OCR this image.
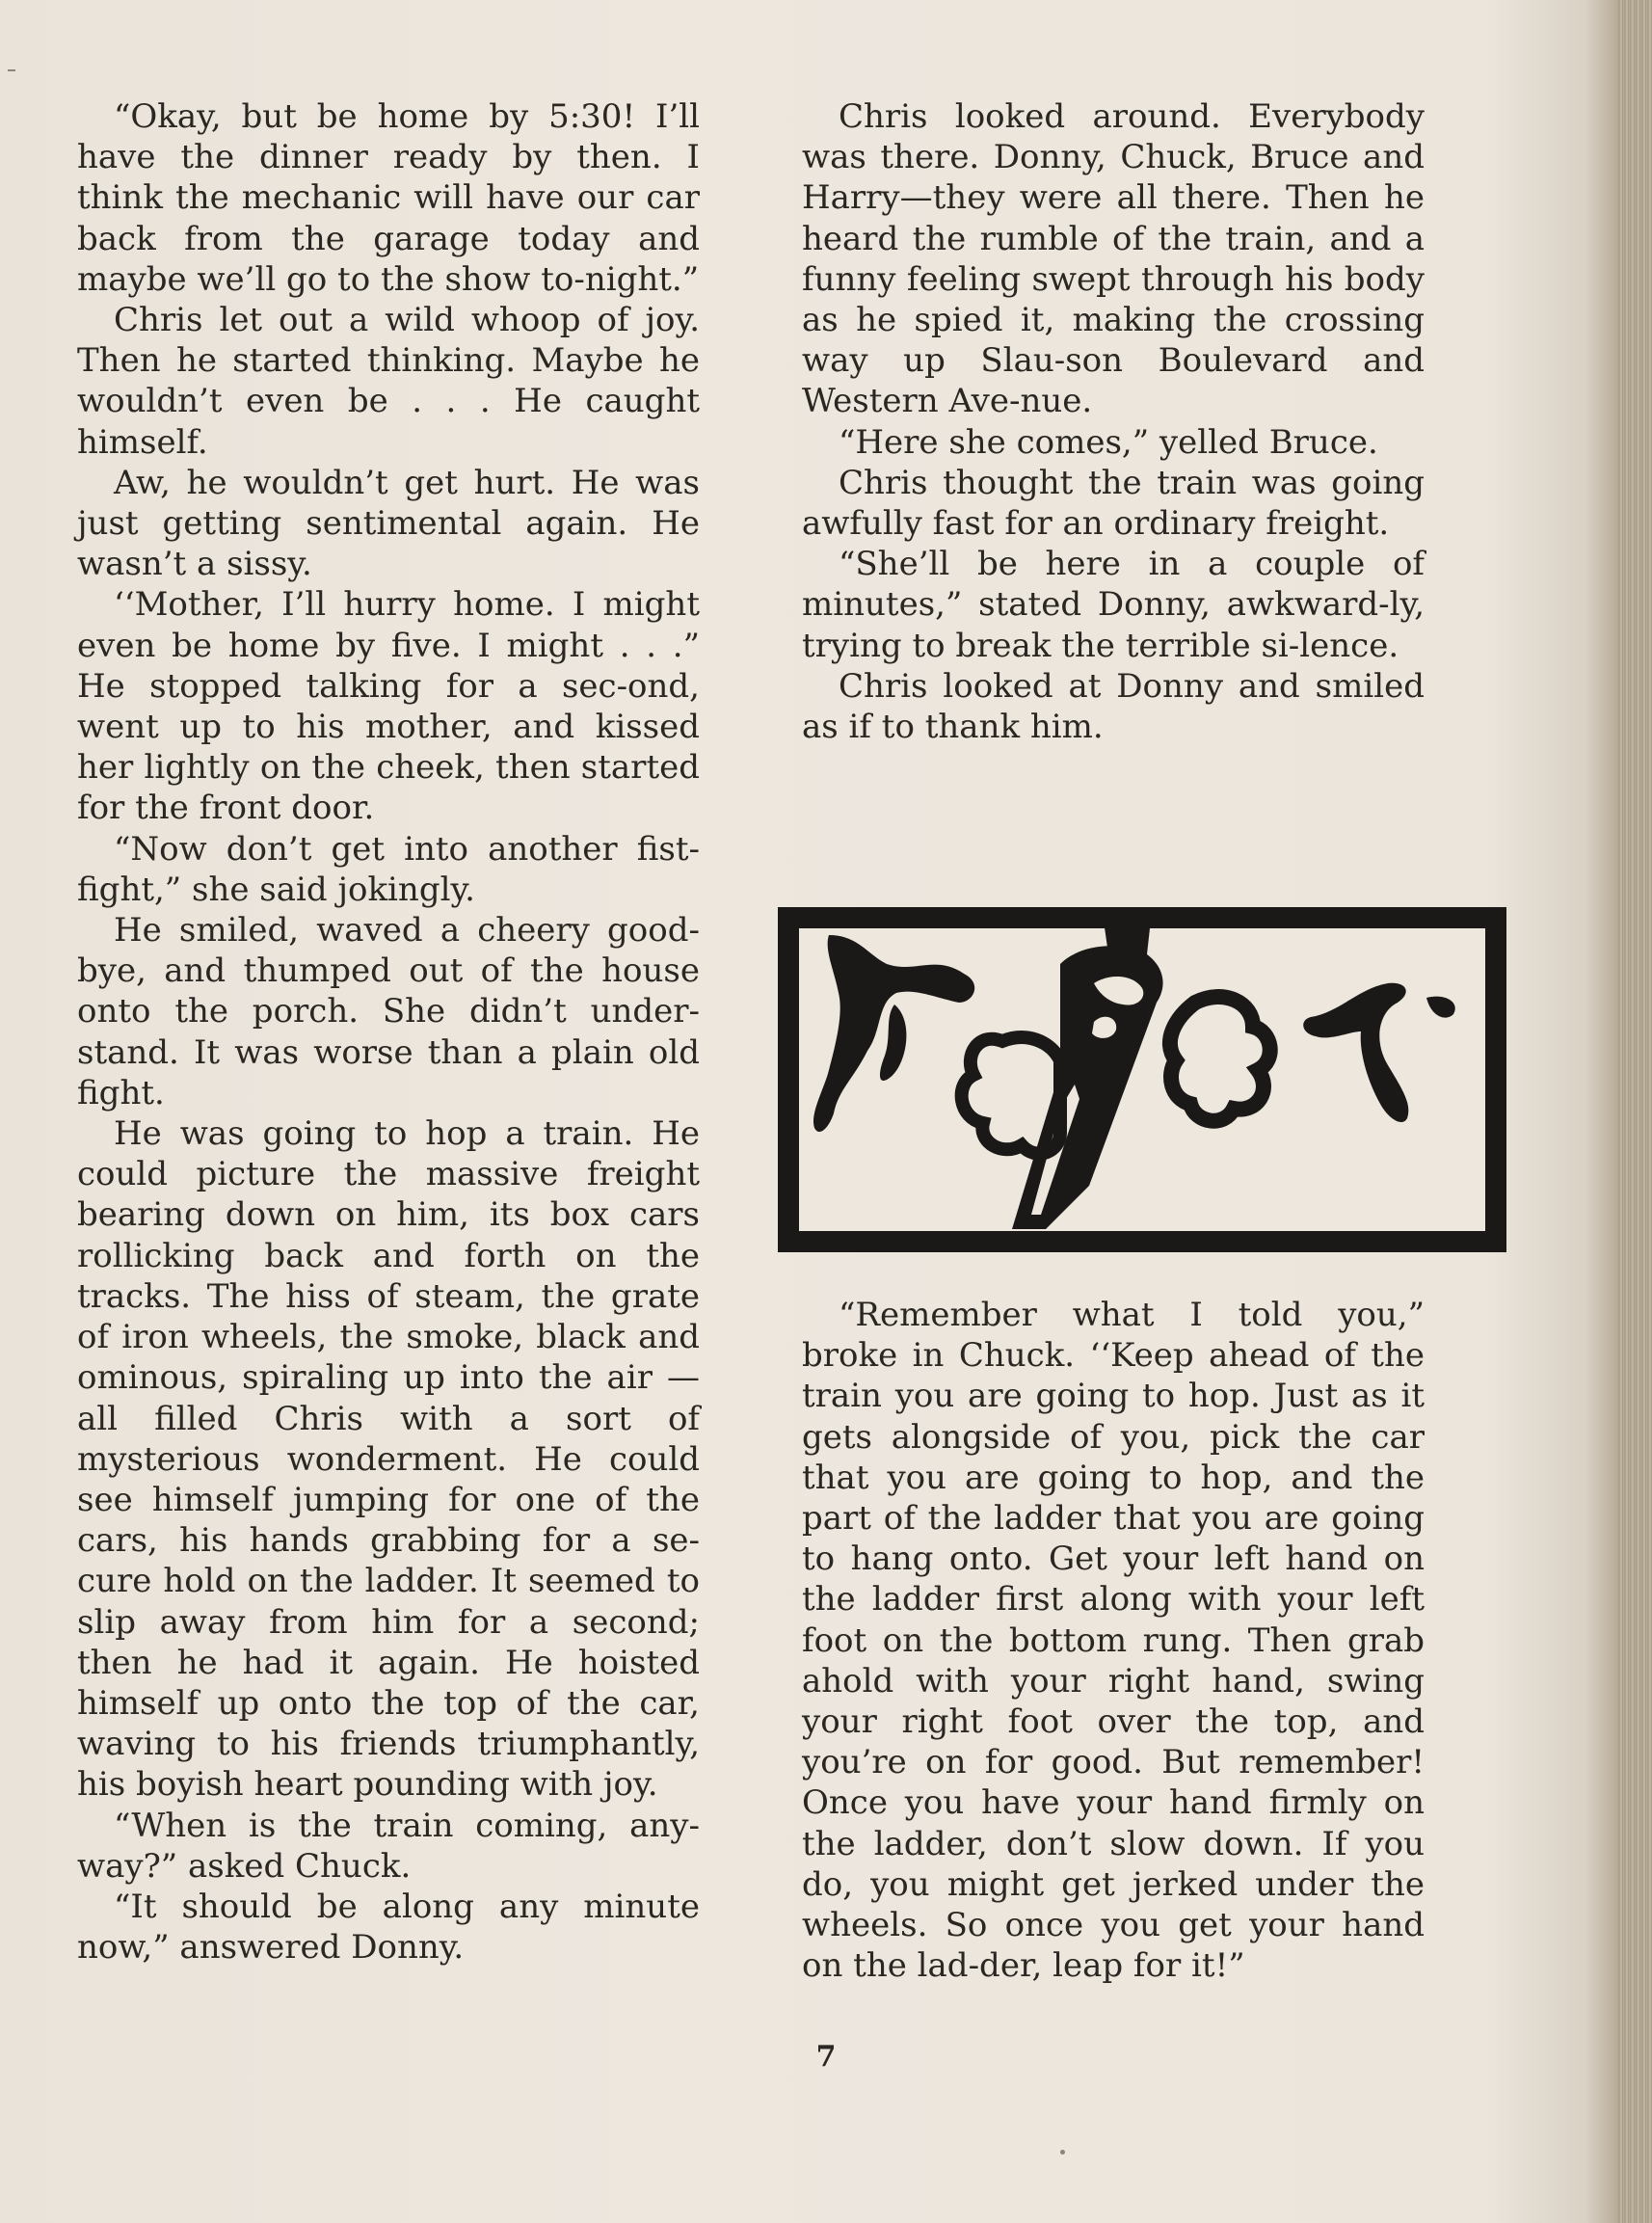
“Okay, but be home by 5:30! I’ll have the dinner ready by then. I think the mechanic will have our car back from the garage today and maybe we’ll go to the show to-night.”

Chris let out a wild whoop of joy. Then he started thinking. Maybe he wouldn’t even be . . . He caught himself.

Aw, he wouldn’t get hurt. He was just getting sentimental again. He wasn’t a sissy.

‘‘Mother, I’ll hurry home. I might even be home by five. I might . . .” He stopped talking for a sec-ond, went up to his mother, and kissed her lightly on the cheek, then started for the front door.

“Now don’t get into another fist-fight,” she said jokingly.

He smiled, waved a cheery good-bye, and thumped out of the house onto the porch. She didn’t under-stand. It was worse than a plain old fight.

He was going to hop a train. He could picture the massive freight bearing down on him, its box cars rollicking back and forth on the tracks. The hiss of steam, the grate of iron wheels, the smoke, black and ominous, spiraling up into the air —all filled Chris with a sort of mysterious wonderment. He could see himself jumping for one of the cars, his hands grabbing for a se-cure hold on the ladder. It seemed to slip away from him for a second; then he had it again. He hoisted himself up onto the top of the car, waving to his friends triumphantly, his boyish heart pounding with joy.

“When is the train coming, any-way?” asked Chuck.

“It should be along any minute now,” answered Donny.

Chris looked around. Everybody was there. Donny, Chuck, Bruce and Harry—they were all there. Then he heard the rumble of the train, and a funny feeling swept through his body as he spied it, making the crossing way up Slau-son Boulevard and Western Ave-nue.

“Here she comes,” yelled Bruce.

Chris thought the train was going awfully fast for an ordinary freight.

“She’ll be here in a couple of minutes,” stated Donny, awkward-ly, trying to break the terrible si-lence.

Chris looked at Donny and smiled as if to thank him.

“Remember what I told you,” broke in Chuck. ‘‘Keep ahead of the train you are going to hop. Just as it gets alongside of you, pick the car that you are going to hop, and the part of the ladder that you are going to hang onto. Get your left hand on the ladder first along with your left foot on the bottom rung. Then grab ahold with your right hand, swing your right foot over the top, and you’re on for good. But remember! Once you have your hand firmly on the ladder, don’t slow down. If you do, you might get jerked under the wheels. So once you get your hand on the lad-der, leap for it!”

7
